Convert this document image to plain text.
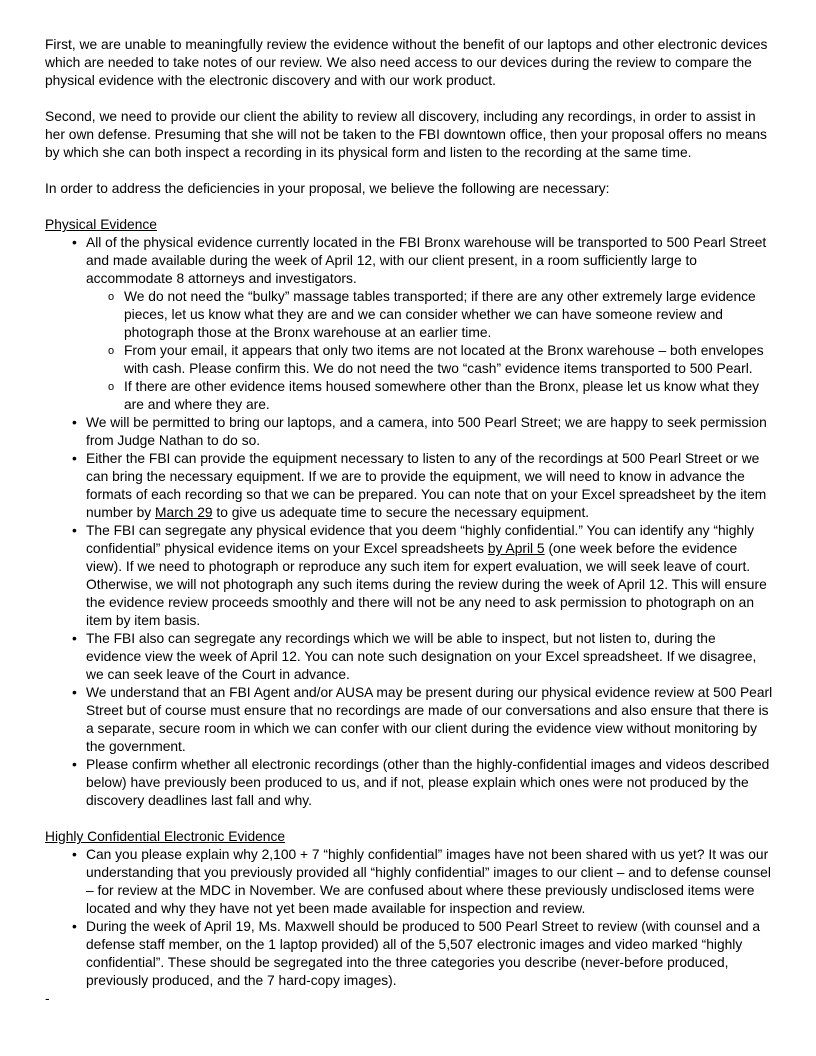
First, we are unable to meaningfully review the evidence without the benefit of our laptops and other electronic devices which are needed to take notes of our review. We also need access to our devices during the review to compare the physical evidence with the electronic discovery and with our work product.

Second, we need to provide our client the ability to review all discovery, including any recordings, in order to assist in her own defense. Presuming that she will not be taken to the FBI downtown office, then your proposal offers no means by which she can both inspect a recording in its physical form and listen to the recording at the same time.

In order to address the deficiencies in your proposal, we believe the following are necessary:

Physical Evidence

• All of the physical evidence currently located in the FBI Bronx warehouse will be transported to 500 Pearl Street and made available during the week of April 12, with our client present, in a room sufficiently large to accommodate 8 attorneys and investigators.
o We do not need the “bulky” massage tables transported; if there are any other extremely large evidence pieces, let us know what they are and we can consider whether we can have someone review and photograph those at the Bronx warehouse at an earlier time.
o From your email, it appears that only two items are not located at the Bronx warehouse – both envelopes with cash. Please confirm this. We do not need the two “cash” evidence items transported to 500 Pearl.
o If there are other evidence items housed somewhere other than the Bronx, please let us know what they are and where they are.
• We will be permitted to bring our laptops, and a camera, into 500 Pearl Street; we are happy to seek permission from Judge Nathan to do so.
• Either the FBI can provide the equipment necessary to listen to any of the recordings at 500 Pearl Street or we can bring the necessary equipment. If we are to provide the equipment, we will need to know in advance the formats of each recording so that we can be prepared. You can note that on your Excel spreadsheet by the item number by March 29 to give us adequate time to secure the necessary equipment.
• The FBI can segregate any physical evidence that you deem “highly confidential.” You can identify any “highly confidential” physical evidence items on your Excel spreadsheets by April 5 (one week before the evidence view). If we need to photograph or reproduce any such item for expert evaluation, we will seek leave of court. Otherwise, we will not photograph any such items during the review during the week of April 12. This will ensure the evidence review proceeds smoothly and there will not be any need to ask permission to photograph on an item by item basis.
• The FBI also can segregate any recordings which we will be able to inspect, but not listen to, during the evidence view the week of April 12. You can note such designation on your Excel spreadsheet. If we disagree, we can seek leave of the Court in advance.
• We understand that an FBI Agent and/or AUSA may be present during our physical evidence review at 500 Pearl Street but of course must ensure that no recordings are made of our conversations and also ensure that there is a separate, secure room in which we can confer with our client during the evidence view without monitoring by the government.
• Please confirm whether all electronic recordings (other than the highly-confidential images and videos described below) have previously been produced to us, and if not, please explain which ones were not produced by the discovery deadlines last fall and why.

Highly Confidential Electronic Evidence

• Can you please explain why 2,100 + 7 “highly confidential” images have not been shared with us yet? It was our understanding that you previously provided all “highly confidential” images to our client – and to defense counsel – for review at the MDC in November. We are confused about where these previously undisclosed items were located and why they have not yet been made available for inspection and review.
• During the week of April 19, Ms. Maxwell should be produced to 500 Pearl Street to review (with counsel and a defense staff member, on the 1 laptop provided) all of the 5,507 electronic images and video marked “highly confidential”. These should be segregated into the three categories you describe (never-before produced, previously produced, and the 7 hard-copy images).

-
